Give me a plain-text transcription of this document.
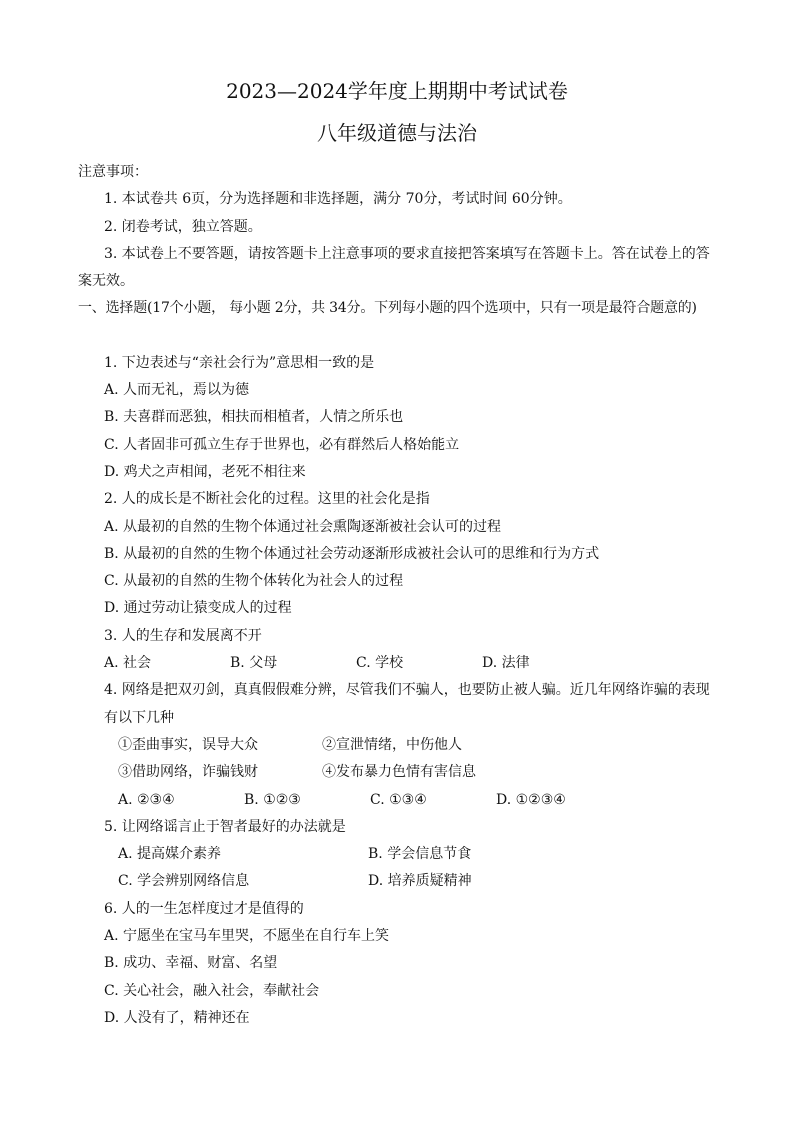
2023—2024学年度上期期中考试试卷
八年级道德与法治

注意事项：

1. 本试卷共 6页，分为选择题和非选择题，满分 70分，考试时间 60分钟。

2. 闭卷考试，独立答题。

3. 本试卷上不要答题，请按答题卡上注意事项的要求直接把答案填写在答题卡上。答在试卷上的答案无效。

一、选择题(17个小题， 每小题 2分，共 34分。下列每小题的四个选项中，只有一项是最符合题意的)

1. 下边表述与“亲社会行为”意思相一致的是

A. 人而无礼，焉以为德

B. 夫喜群而恶独，相扶而相植者，人情之所乐也

C. 人者固非可孤立生存于世界也，必有群然后人格始能立

D. 鸡犬之声相闻，老死不相往来

2. 人的成长是不断社会化的过程。这里的社会化是指

A. 从最初的自然的生物个体通过社会熏陶逐渐被社会认可的过程

B. 从最初的自然的生物个体通过社会劳动逐渐形成被社会认可的思维和行为方式

C. 从最初的自然的生物个体转化为社会人的过程

D. 通过劳动让猿变成人的过程

3. 人的生存和发展离不开

A. 社会	B. 父母	C. 学校	D. 法律

4. 网络是把双刃剑，真真假假难分辨，尽管我们不骗人，也要防止被人骗。近几年网络诈骗的表现有以下几种

①歪曲事实，误导大众	②宣泄情绪，中伤他人
③借助网络，诈骗钱财	④发布暴力色情有害信息
A. ②③④	B. ①②③	C. ①③④	D. ①②③④

5. 让网络谣言止于智者最好的办法就是

A. 提高媒介素养	B. 学会信息节食
C. 学会辨别网络信息	D. 培养质疑精神

6. 人的一生怎样度过才是值得的

A. 宁愿坐在宝马车里哭，不愿坐在自行车上笑

B. 成功、幸福、财富、名望

C. 关心社会，融入社会，奉献社会

D. 人没有了，精神还在
